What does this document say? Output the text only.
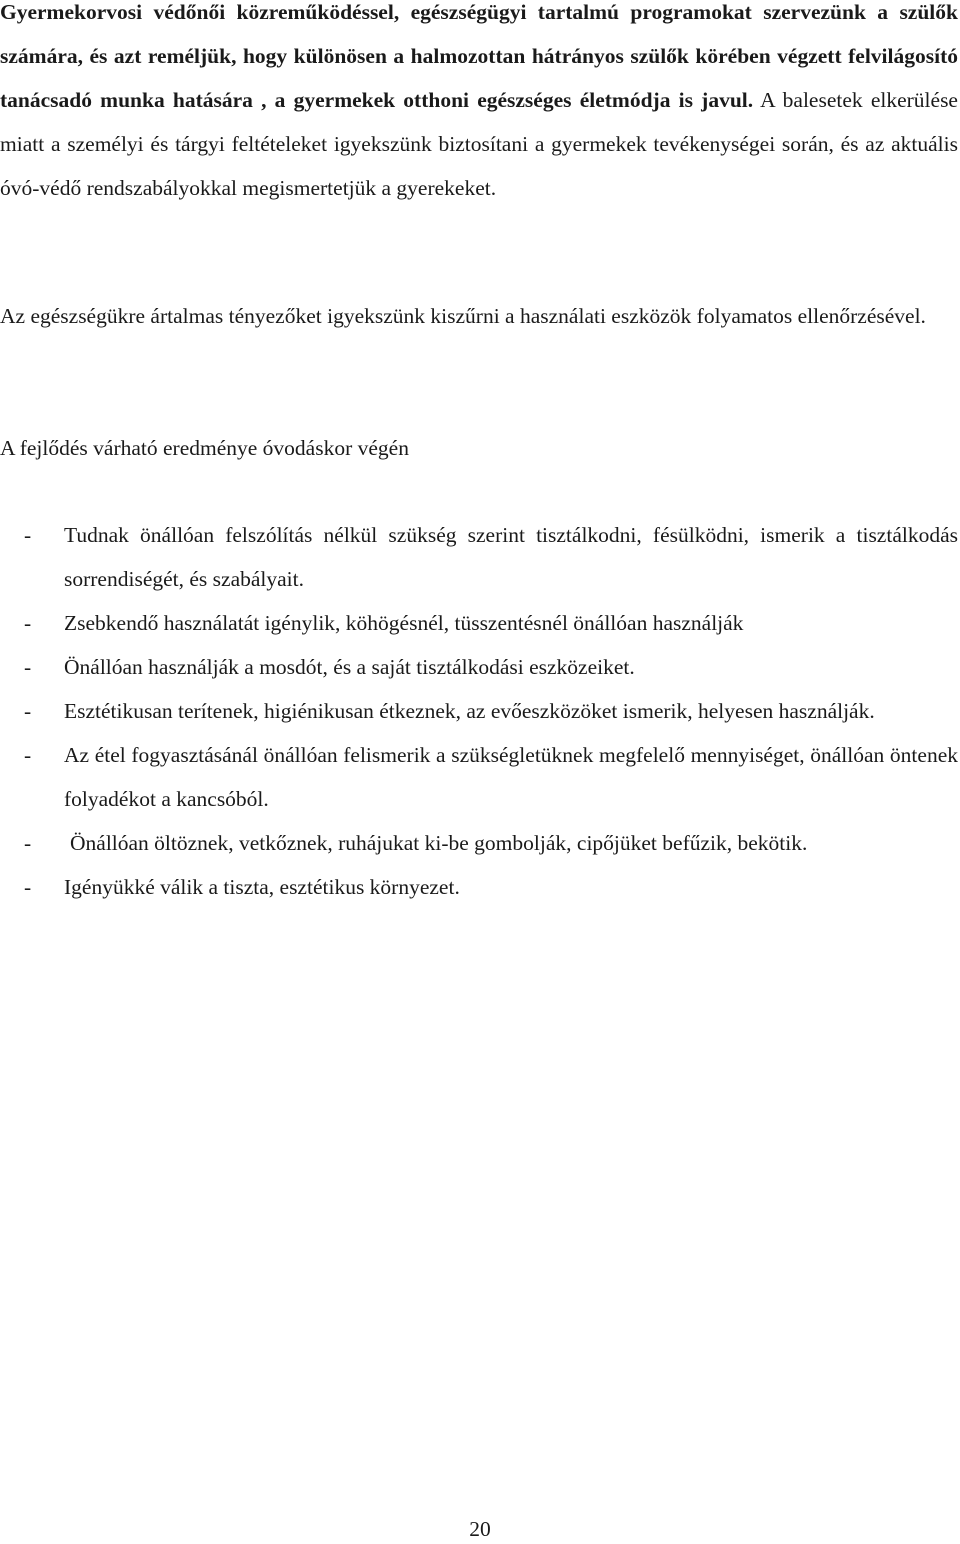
Gyermekorvosi védőnői közreműködéssel, egészségügyi tartalmú programokat szervezünk a szülők számára, és azt reméljük, hogy különösen a halmozottan hátrányos szülők körében végzett felvilágosító tanácsadó munka hatására , a gyermekek otthoni egészséges életmódja is javul. A balesetek elkerülése miatt a személyi és tárgyi feltételeket igyekszünk biztosítani a gyermekek tevékenységei során, és az aktuális óvó-védő rendszabályokkal megismertetjük a gyerekeket.

Az egészségükre ártalmas tényezőket igyekszünk kiszűrni a használati eszközök folyamatos ellenőrzésével.

A fejlődés várható eredménye óvodáskor végén
-	Tudnak önállóan felszólítás nélkül szükség szerint tisztálkodni, fésülködni, ismerik a tisztálkodás sorrendiségét, és szabályait.
-	Zsebkendő használatát igénylik, köhögésnél, tüsszentésnél önállóan használják
-	Önállóan használják a mosdót, és a saját tisztálkodási eszközeiket.
-	Esztétikusan terítenek, higiénikusan étkeznek, az evőeszközöket ismerik, helyesen használják.
-	Az étel fogyasztásánál önállóan felismerik a szükségletüknek megfelelő mennyiséget, önállóan öntenek folyadékot a kancsóból.
-	Önállóan öltöznek, vetkőznek, ruhájukat ki-be gombolják, cipőjüket befűzik, bekötik.
-	Igényükké válik a tiszta, esztétikus környezet.
20
